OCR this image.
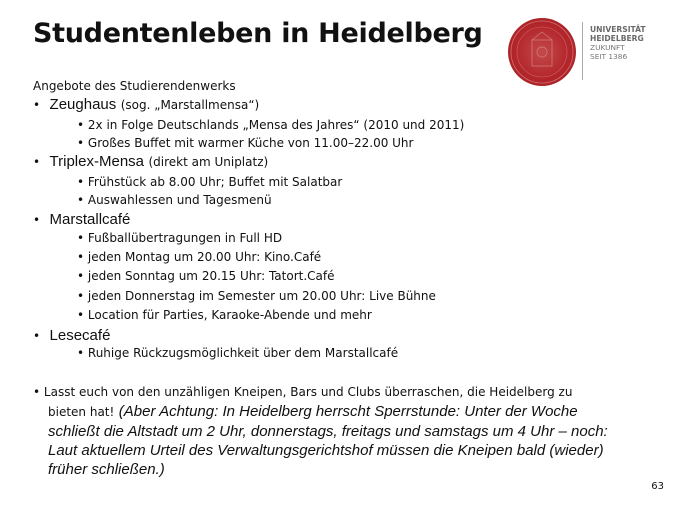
Studentenleben in Heidelberg	UNIVERSITÄT
HEIDELBERG
ZUKUNFT
SEIT 1386
Angebote des Studierendenwerks
• Zeughaus (sog. „Marstallmensa“)
• 2x in Folge Deutschlands „Mensa des Jahres“ (2010 und 2011)
• Großes Buffet mit warmer Küche von 11.00–22.00 Uhr
• Triplex-Mensa (direkt am Uniplatz)
• Frühstück ab 8.00 Uhr; Buffet mit Salatbar
• Auswahlessen und Tagesmenü
• Marstallcafé
• Fußballübertragungen in Full HD
• jeden Montag um 20.00 Uhr: Kino.Café
• jeden Sonntag um 20.15 Uhr: Tatort.Café
• jeden Donnerstag im Semester um 20.00 Uhr: Live Bühne
• Location für Parties, Karaoke-Abende und mehr
• Lesecafé
• Ruhige Rückzugsmöglichkeit über dem Marstallcafé
• Lasst euch von den unzähligen Kneipen, Bars und Clubs überraschen, die Heidelberg zu
bieten hat! (Aber Achtung: In Heidelberg herrscht Sperrstunde: Unter der Woche
schließt die Altstadt um 2 Uhr, donnerstags, freitags und samstags um 4 Uhr – noch:
Laut aktuellem Urteil des Verwaltungsgerichtshof müssen die Kneipen bald (wieder)
früher schließen.)
63
